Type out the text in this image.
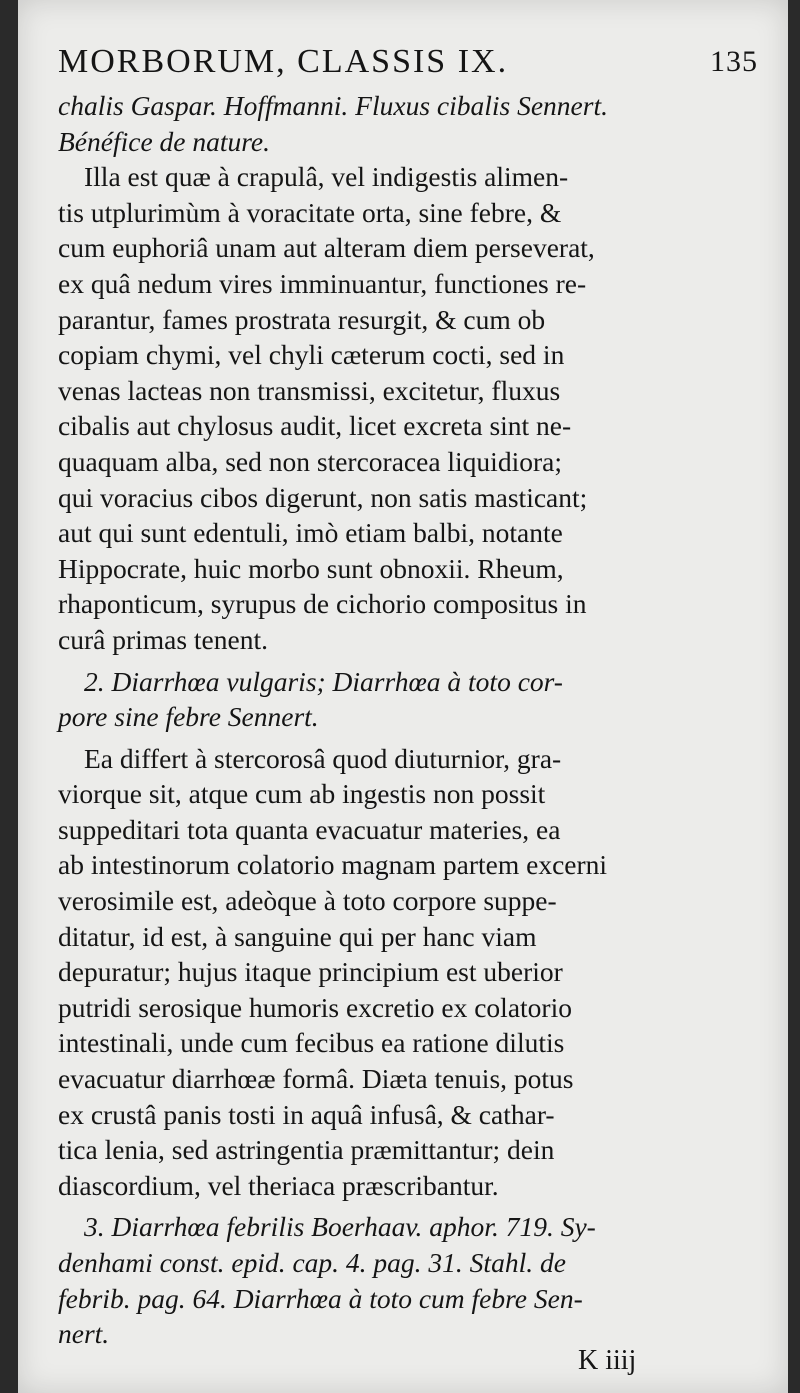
MORBORUM, CLASSIS IX.	135
chalis Gaspar. Hoffmanni. Fluxus cibalis Sennert.
Bénéfice de nature.
Illa est quæ à crapulâ, vel indigestis alimen-
tis utplurimùm à voracitate orta, sine febre, &
cum euphoriâ unam aut alteram diem perseverat,
ex quâ nedum vires imminuantur, functiones re-
parantur, fames prostrata resurgit, & cum ob
copiam chymi, vel chyli cæterum cocti, sed in
venas lacteas non transmissi, excitetur, fluxus
cibalis aut chylosus audit, licet excreta sint ne-
quaquam alba, sed non stercoracea liquidiora;
qui voracius cibos digerunt, non satis masticant;
aut qui sunt edentuli, imò etiam balbi, notante
Hippocrate, huic morbo sunt obnoxii. Rheum,
rhaponticum, syrupus de cichorio compositus in
curâ primas tenent.
2. Diarrhœa vulgaris; Diarrhœa à toto cor-
pore sine febre Sennert.
Ea differt à stercorosâ quod diuturnior, gra-
viorque sit, atque cum ab ingestis non possit
suppeditari tota quanta evacuatur materies, ea
ab intestinorum colatorio magnam partem excerni
verosimile est, adeòque à toto corpore suppe-
ditatur, id est, à sanguine qui per hanc viam
depuratur; hujus itaque principium est uberior
putridi serosique humoris excretio ex colatorio
intestinali, unde cum fecibus ea ratione dilutis
evacuatur diarrhœæ formâ. Diæta tenuis, potus
ex crustâ panis tosti in aquâ infusâ, & cathar-
tica lenia, sed astringentia præmittantur; dein
diascordium, vel theriaca præscribantur.
3. Diarrhœa febrilis Boerhaav. aphor. 719. Sy-
denhami const. epid. cap. 4. pag. 31. Stahl. de
febrib. pag. 64. Diarrhœa à toto cum febre Sen-
nert.
K iiij
